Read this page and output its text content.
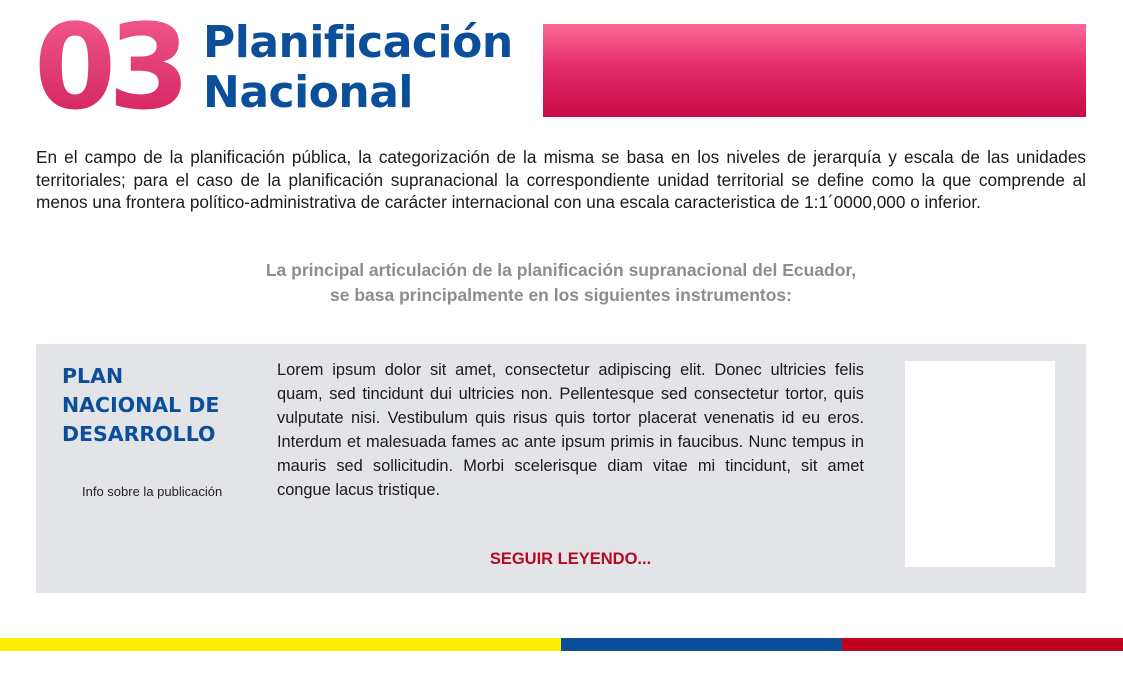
03 Planificación
Nacional

En el campo de la planificación pública, la categorización de la misma se basa en los niveles de jerarquía y escala de las unidades territoriales; para el caso de la planificación supranacional la correspondiente unidad territorial se define como la que comprende al menos una frontera político-administrativa de carácter internacional con una escala caracteristica de 1:1´0000,000 o inferior.

La principal articulación de la planificación supranacional del Ecuador,
se basa principalmente en los siguientes instrumentos:
PLAN
NACIONAL DE
DESARROLLO
Info sobre la publicación

Lorem ipsum dolor sit amet, consectetur adipiscing elit. Donec ultricies felis quam, sed tincidunt dui ultricies non. Pellentesque sed consectetur tortor, quis vulputate nisi. Vestibulum quis risus quis tortor placerat venenatis id eu eros. Interdum et malesuada fames ac ante ipsum primis in faucibus. Nunc tempus in mauris sed sollicitudin. Morbi scelerisque diam vitae mi tincidunt, sit amet congue lacus tristique.

SEGUIR LEYENDO...
